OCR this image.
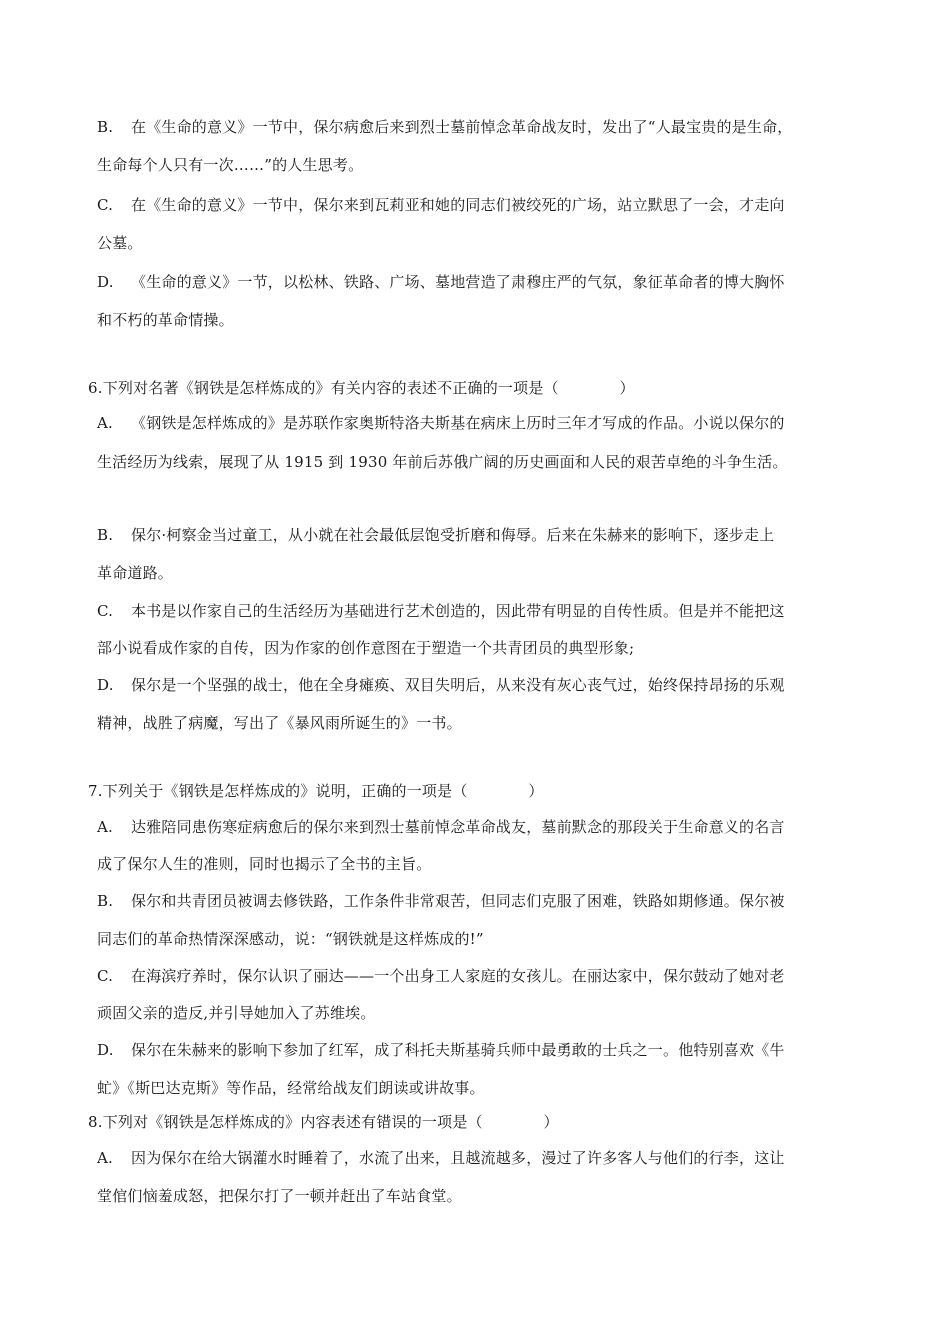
B. 在《生命的意义》一节中，保尔病愈后来到烈士墓前悼念革命战友时，发出了“人最宝贵的是生命，
生命每个人只有一次……”的人生思考。
C. 在《生命的意义》一节中，保尔来到瓦莉亚和她的同志们被绞死的广场，站立默思了一会，才走向
公墓。
D. 《生命的意义》一节，以松林、铁路、广场、墓地营造了肃穆庄严的气氛，象征革命者的博大胸怀
和不朽的革命情操。
6.下列对名著《钢铁是怎样炼成的》有关内容的表述不正确的一项是（　　　　）
A. 《钢铁是怎样炼成的》是苏联作家奥斯特洛夫斯基在病床上历时三年才写成的作品。小说以保尔的
生活经历为线索，展现了从 1915 到 1930 年前后苏俄广阔的历史画面和人民的艰苦卓绝的斗争生活。
B. 保尔·柯察金当过童工，从小就在社会最低层饱受折磨和侮辱。后来在朱赫来的影响下，逐步走上
革命道路。
C. 本书是以作家自己的生活经历为基础进行艺术创造的，因此带有明显的自传性质。但是并不能把这
部小说看成作家的自传，因为作家的创作意图在于塑造一个共青团员的典型形象;
D. 保尔是一个坚强的战士，他在全身瘫痪、双目失明后，从来没有灰心丧气过，始终保持昂扬的乐观
精神，战胜了病魔，写出了《暴风雨所诞生的》一书。
7.下列关于《钢铁是怎样炼成的》说明，正确的一项是（　　　　）
A. 达雅陪同患伤寒症病愈后的保尔来到烈士墓前悼念革命战友，墓前默念的那段关于生命意义的名言
成了保尔人生的准则，同时也揭示了全书的主旨。
B. 保尔和共青团员被调去修铁路，工作条件非常艰苦，但同志们克服了困难，铁路如期修通。保尔被
同志们的革命热情深深感动，说：“钢铁就是这样炼成的!”
C. 在海滨疗养时，保尔认识了丽达——一个出身工人家庭的女孩儿。在丽达家中，保尔鼓动了她对老
顽固父亲的造反,并引导她加入了苏维埃。
D. 保尔在朱赫来的影响下参加了红军，成了科托夫斯基骑兵师中最勇敢的士兵之一。他特别喜欢《牛
虻》《斯巴达克斯》等作品，经常给战友们朗读或讲故事。
8.下列对《钢铁是怎样炼成的》内容表述有错误的一项是（　　　　）
A. 因为保尔在给大锅灌水时睡着了，水流了出来，且越流越多，漫过了许多客人与他们的行李，这让
堂倌们恼羞成怒，把保尔打了一顿并赶出了车站食堂。
